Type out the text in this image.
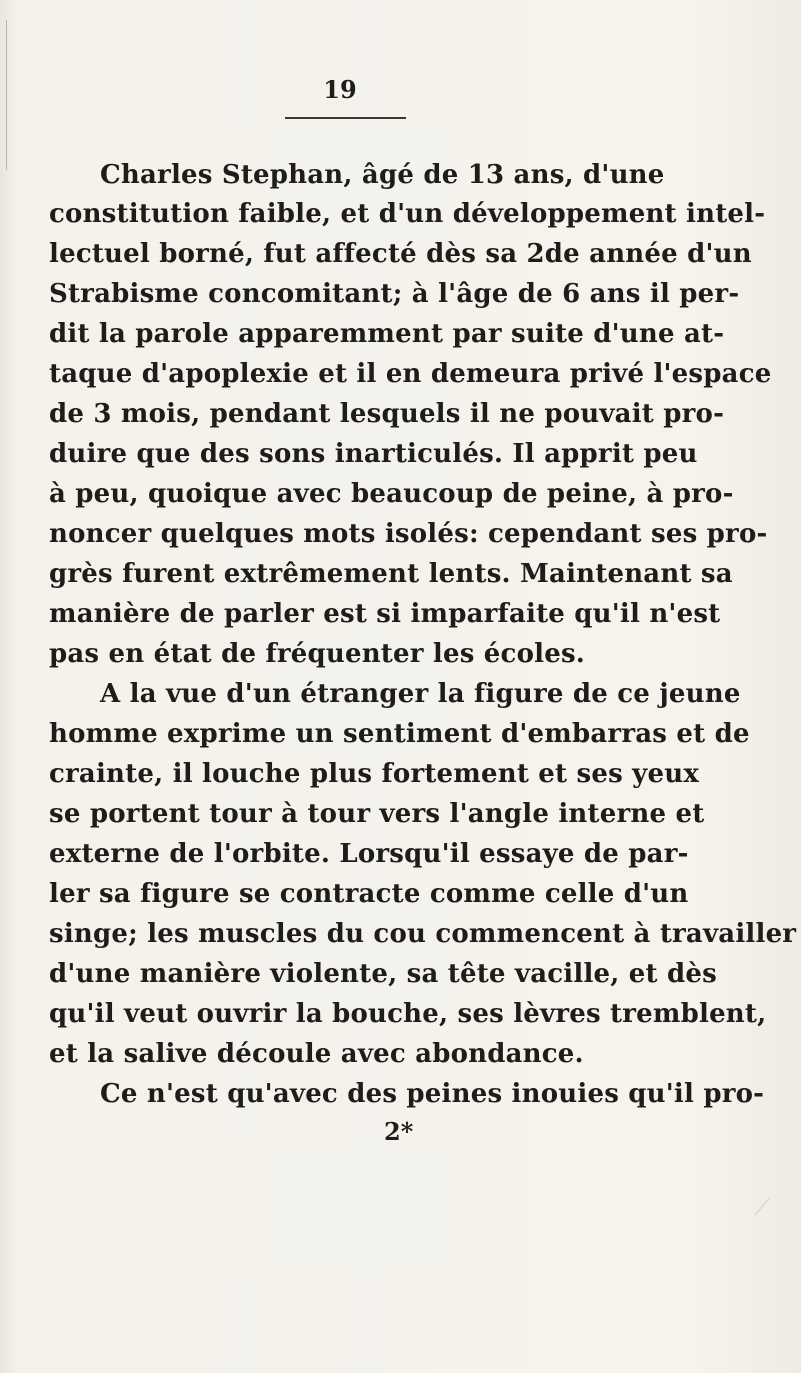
19
Charles Stephan, âgé de 13 ans, d'une
constitution faible, et d'un développement intel-
lectuel borné, fut affecté dès sa 2de année d'un
Strabisme concomitant; à l'âge de 6 ans il per-
dit la parole apparemment par suite d'une at-
taque d'apoplexie et il en demeura privé l'espace
de 3 mois, pendant lesquels il ne pouvait pro-
duire que des sons inarticulés. Il apprit peu
à peu, quoique avec beaucoup de peine, à pro-
noncer quelques mots isolés: cependant ses pro-
grès furent extrêmement lents. Maintenant sa
manière de parler est si imparfaite qu'il n'est
pas en état de fréquenter les écoles.
A la vue d'un étranger la figure de ce jeune
homme exprime un sentiment d'embarras et de
crainte, il louche plus fortement et ses yeux
se portent tour à tour vers l'angle interne et
externe de l'orbite. Lorsqu'il essaye de par-
ler sa figure se contracte comme celle d'un
singe; les muscles du cou commencent à travailler
d'une manière violente, sa tête vacille, et dès
qu'il veut ouvrir la bouche, ses lèvres tremblent,
et la salive découle avec abondance.
Ce n'est qu'avec des peines inouies qu'il pro-
2*
